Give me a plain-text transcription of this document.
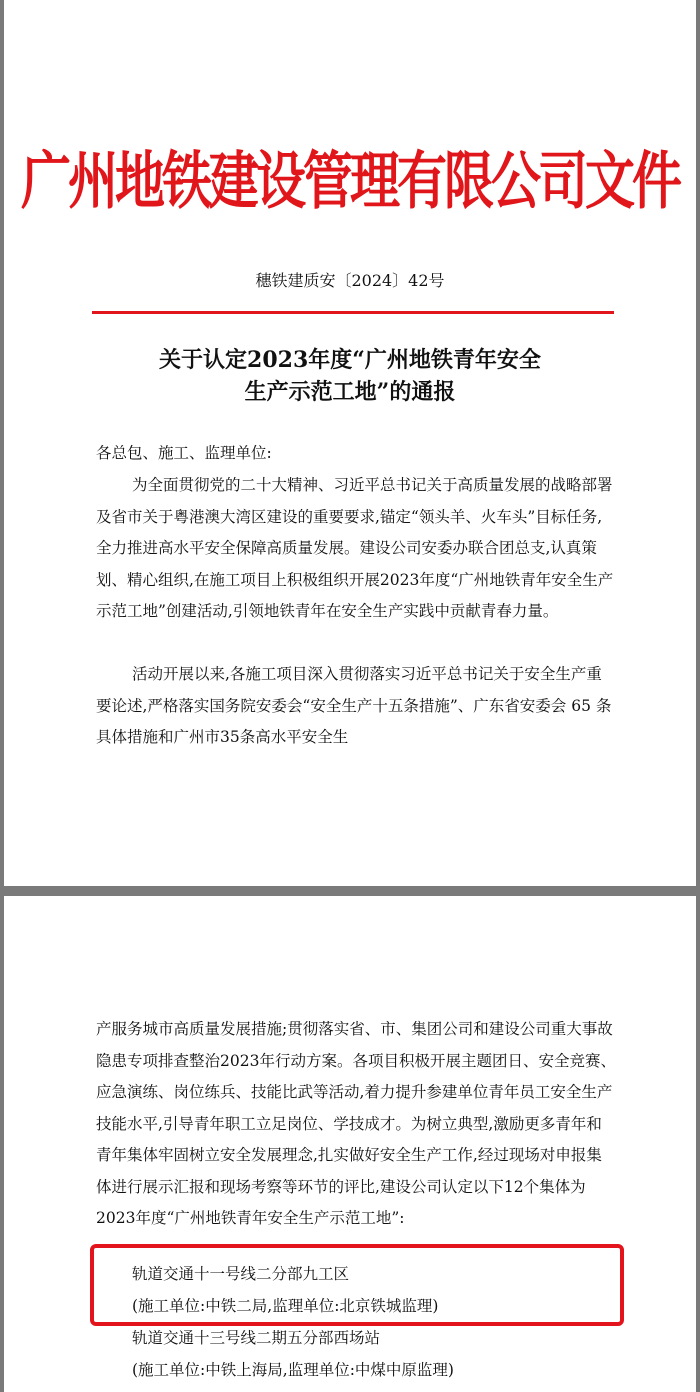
广州地铁建设管理有限公司文件
穗铁建质安〔2024〕42号
关于认定2023年度“广州地铁青年安全
生产示范工地”的通报
各总包、施工、监理单位:
为全面贯彻党的二十大精神、习近平总书记关于高质量发展的战略部署及省市关于粤港澳大湾区建设的重要要求,锚定“领头羊、火车头”目标任务,全力推进高水平安全保障高质量发展。建设公司安委办联合团总支,认真策划、精心组织,在施工项目上积极组织开展2023年度“广州地铁青年安全生产示范工地”创建活动,引领地铁青年在安全生产实践中贡献青春力量。
活动开展以来,各施工项目深入贯彻落实习近平总书记关于安全生产重要论述,严格落实国务院安委会“安全生产十五条措施”、广东省安委会 65 条具体措施和广州市35条高水平安全生
产服务城市高质量发展措施;贯彻落实省、市、集团公司和建设公司重大事故隐患专项排查整治2023年行动方案。各项目积极开展主题团日、安全竞赛、应急演练、岗位练兵、技能比武等活动,着力提升参建单位青年员工安全生产技能水平,引导青年职工立足岗位、学技成才。为树立典型,激励更多青年和青年集体牢固树立安全发展理念,扎实做好安全生产工作,经过现场对申报集体进行展示汇报和现场考察等环节的评比,建设公司认定以下12个集体为2023年度“广州地铁青年安全生产示范工地”:
轨道交通十一号线二分部九工区
(施工单位:中铁二局,监理单位:北京铁城监理)
轨道交通十三号线二期五分部西场站
(施工单位:中铁上海局,监理单位:中煤中原监理)
